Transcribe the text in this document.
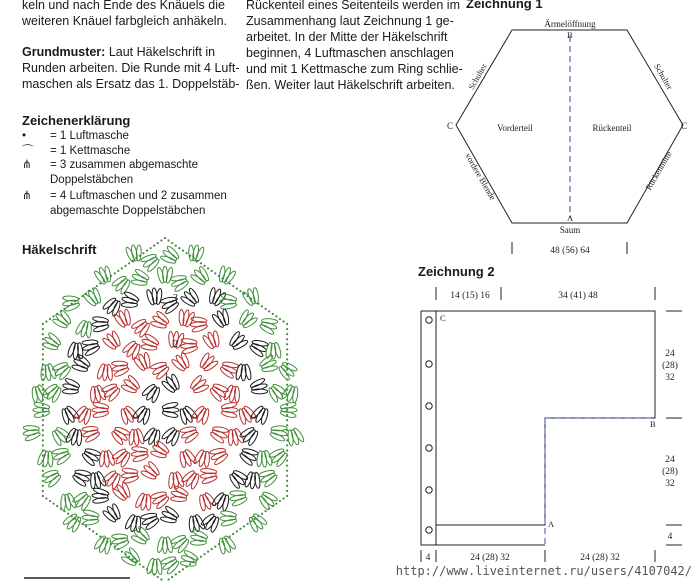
keln und nach Ende des Knäuels die
weiteren Knäuel farbgleich anhäkeln.
Grundmuster: Laut Häkelschrift in
Runden arbeiten. Die Runde mit 4 Luft-
maschen als Ersatz das 1. Doppelstäb-
Rückenteil eines Seitenteils werden im
Zusammenhang laut Zeichnung 1 ge-
arbeitet. In der Mitte der Häkelschrift
beginnen, 4 Luftmaschen anschlagen
und mit 1 Kettmasche zum Ring schlie-
ßen. Weiter laut Häkelschrift arbeiten.
Zeichenerklärung
• = 1 Luftmasche
⌒ = 1 Kettmasche
⋔ = 3 zusammen abgemaschte
Doppelstäbchen
⋔ = 4 Luftmaschen und 2 zusammen
abgemaschte Doppelstäbchen
Häkelschrift
3
2
1
Zeichnung 1
Ärmelöffnung
B
A
C	C
Schulter	Schulter
Vorderteil	Rückenteil
vordere Blende	Rückenmitte
Saum
48 (56) 64
Zeichnung 2
14 (15) 16	34 (41) 48
C
B
A
24
(28)
32
24
(28)
32
4
4	24 (28) 32	24 (28) 32
http://www.liveinternet.ru/users/4107042/
